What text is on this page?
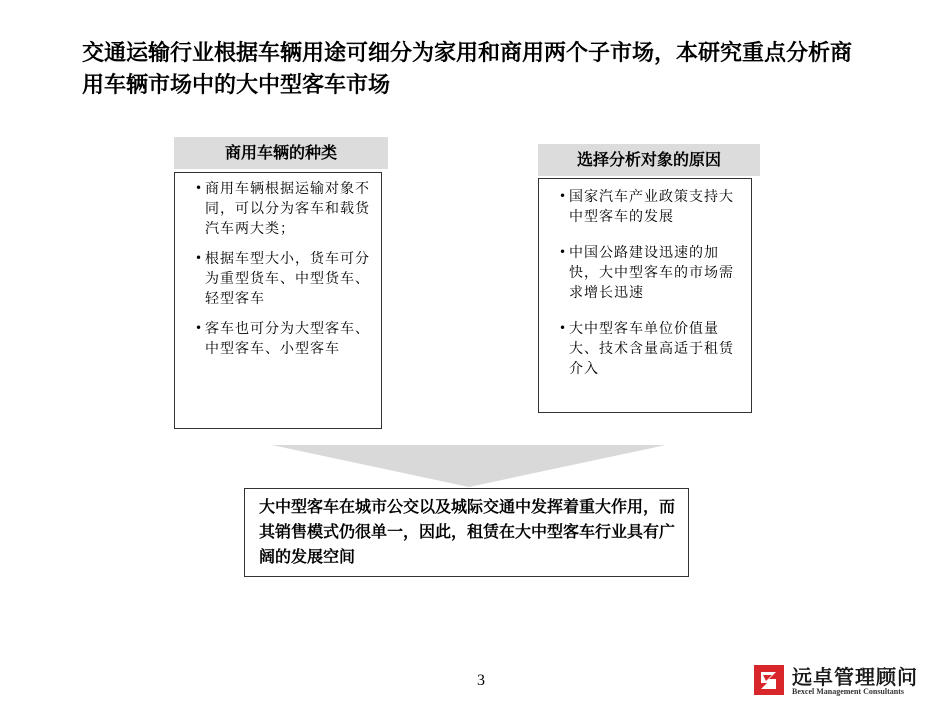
交通运输行业根据车辆用途可细分为家用和商用两个子市场，本研究重点分析商用车辆市场中的大中型客车市场
商用车辆的种类
• 商用车辆根据运输对象不同，可以分为客车和载货汽车两大类；
• 根据车型大小，货车可分为重型货车、中型货车、轻型客车
• 客车也可分为大型客车、中型客车、小型客车
选择分析对象的原因
• 国家汽车产业政策支持大中型客车的发展
• 中国公路建设迅速的加快，大中型客车的市场需求增长迅速
• 大中型客车单位价值量大、技术含量高适于租赁介入
大中型客车在城市公交以及城际交通中发挥着重大作用，而其销售模式仍很单一，因此，租赁在大中型客车行业具有广阔的发展空间
3	远卓管理顾问
Bexcel Management Consultants
